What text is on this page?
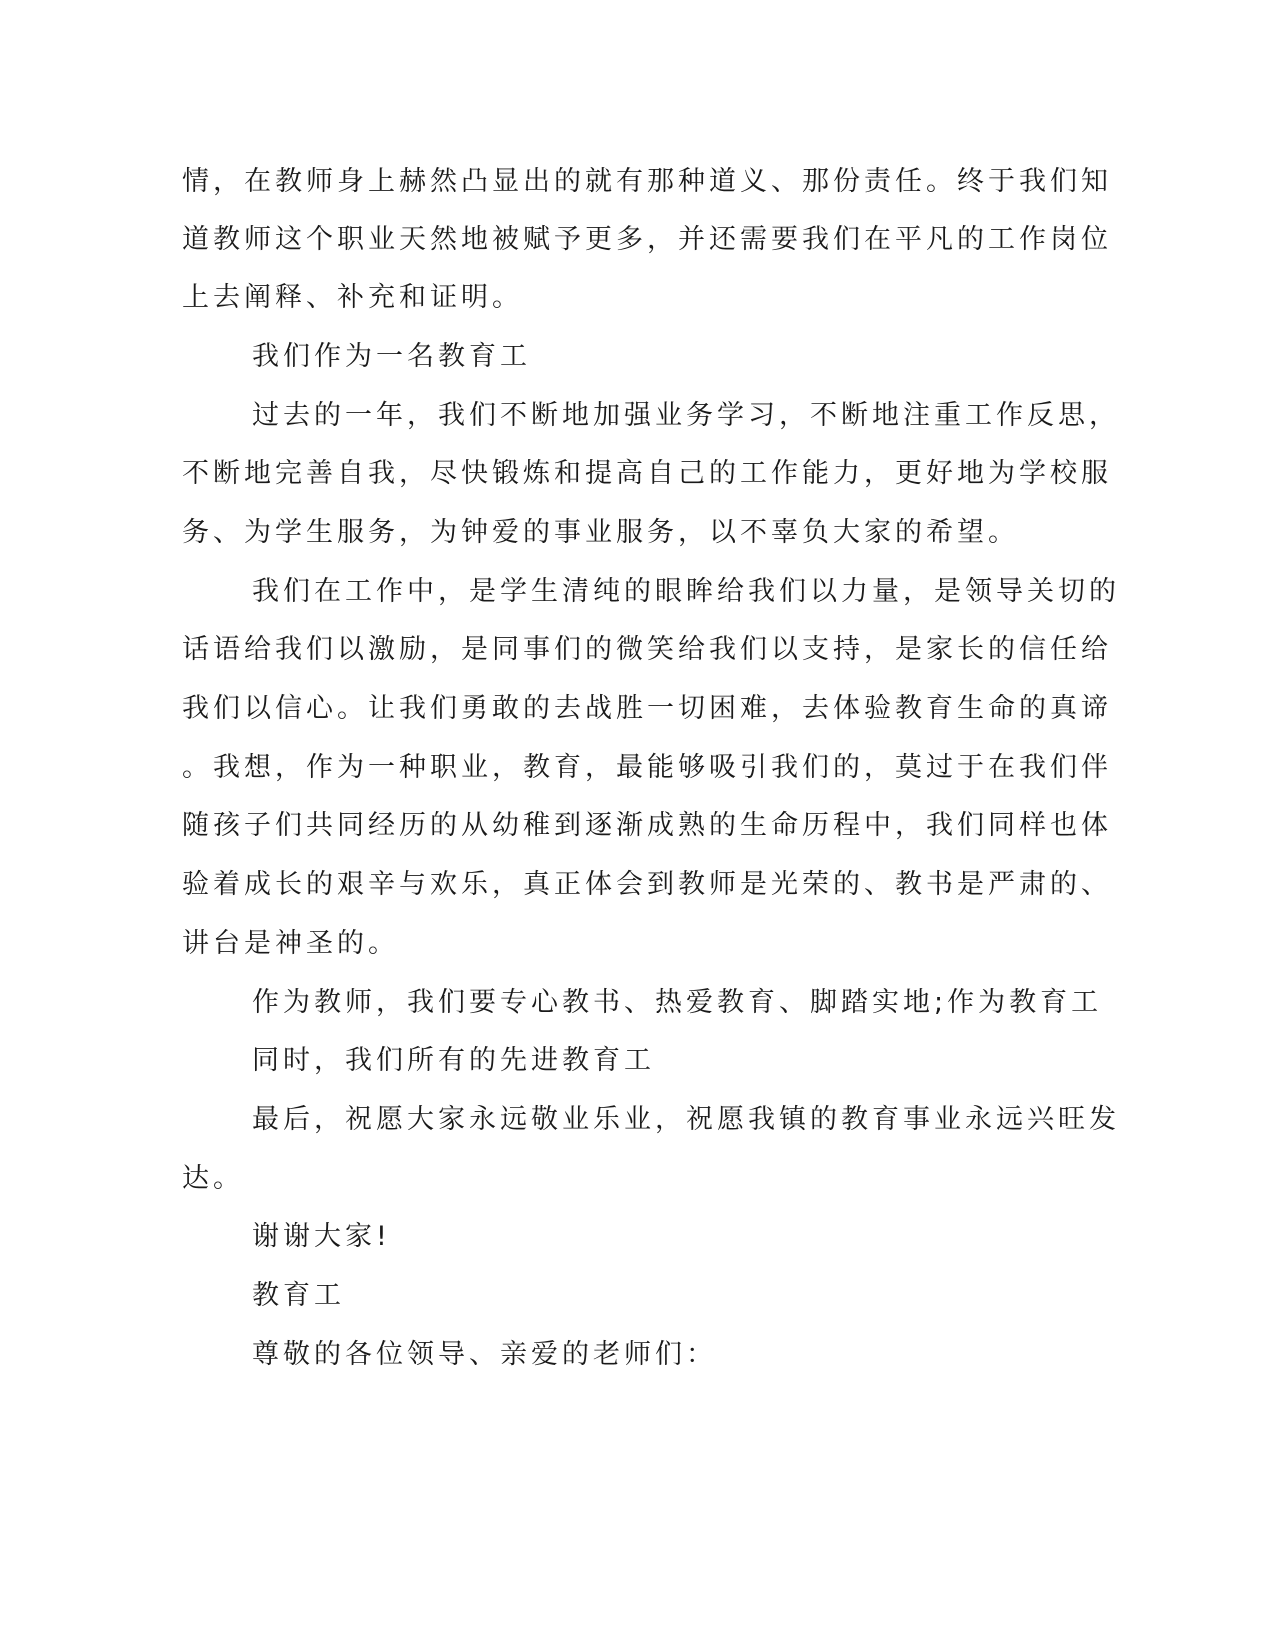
情，在教师身上赫然凸显出的就有那种道义、那份责任。终于我们知
道教师这个职业天然地被赋予更多，并还需要我们在平凡的工作岗位
上去阐释、补充和证明。
我们作为一名教育工
过去的一年，我们不断地加强业务学习，不断地注重工作反思，
不断地完善自我，尽快锻炼和提高自己的工作能力，更好地为学校服
务、为学生服务，为钟爱的事业服务，以不辜负大家的希望。
我们在工作中，是学生清纯的眼眸给我们以力量，是领导关切的
话语给我们以激励，是同事们的微笑给我们以支持，是家长的信任给
我们以信心。让我们勇敢的去战胜一切困难，去体验教育生命的真谛
。我想，作为一种职业，教育，最能够吸引我们的，莫过于在我们伴
随孩子们共同经历的从幼稚到逐渐成熟的生命历程中，我们同样也体
验着成长的艰辛与欢乐，真正体会到教师是光荣的、教书是严肃的、
讲台是神圣的。
作为教师，我们要专心教书、热爱教育、脚踏实地;作为教育工
同时，我们所有的先进教育工
最后，祝愿大家永远敬业乐业，祝愿我镇的教育事业永远兴旺发
达。
谢谢大家!
教育工
尊敬的各位领导、亲爱的老师们：
